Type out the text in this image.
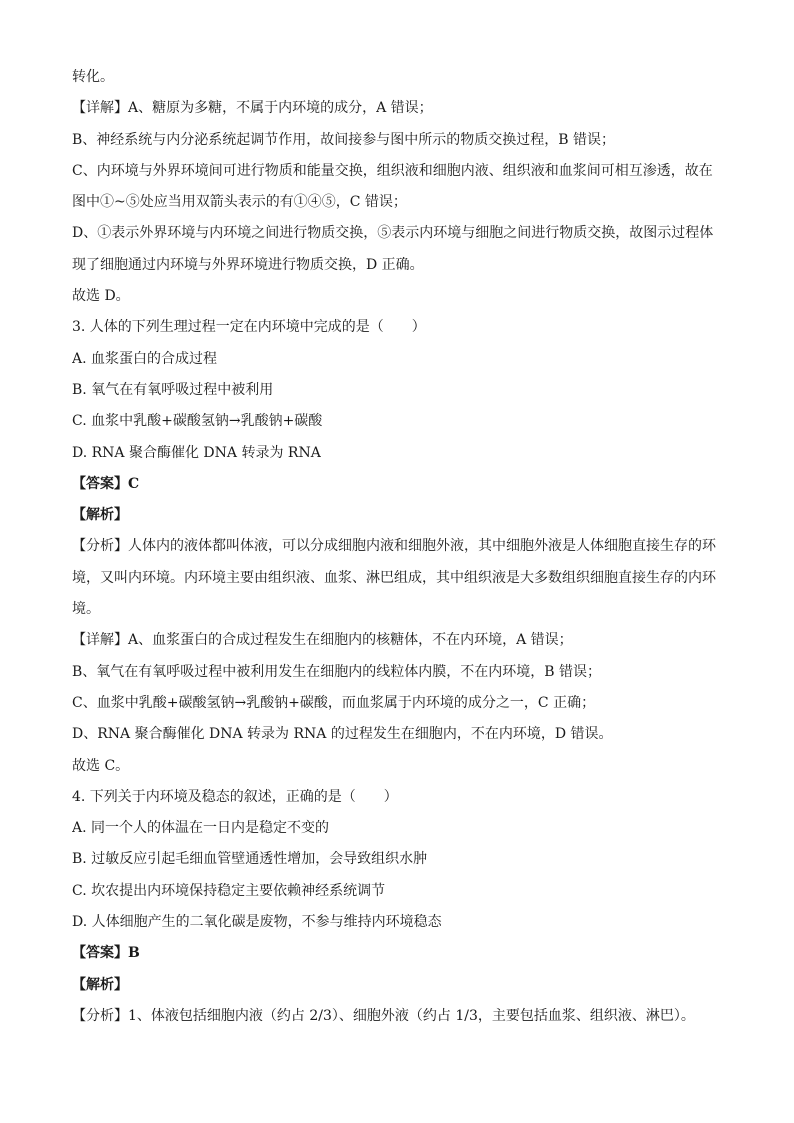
转化。
【详解】A、糖原为多糖，不属于内环境的成分，A 错误；
B、神经系统与内分泌系统起调节作用，故间接参与图中所示的物质交换过程，B 错误；
C、内环境与外界环境间可进行物质和能量交换，组织液和细胞内液、组织液和血浆间可相互渗透，故在
图中①~⑤处应当用双箭头表示的有①④⑤，C 错误；
D、①表示外界环境与内环境之间进行物质交换，⑤表示内环境与细胞之间进行物质交换，故图示过程体
现了细胞通过内环境与外界环境进行物质交换，D 正确。
故选 D。
3. 人体的下列生理过程一定在内环境中完成的是（　　）
A. 血浆蛋白的合成过程
B. 氧气在有氧呼吸过程中被利用
C. 血浆中乳酸+碳酸氢钠→乳酸钠+碳酸
D. RNA 聚合酶催化 DNA 转录为 RNA
【答案】C
【解析】
【分析】人体内的液体都叫体液，可以分成细胞内液和细胞外液，其中细胞外液是人体细胞直接生存的环
境，又叫内环境。内环境主要由组织液、血浆、淋巴组成，其中组织液是大多数组织细胞直接生存的内环
境。
【详解】A、血浆蛋白的合成过程发生在细胞内的核糖体，不在内环境，A 错误；
B、氧气在有氧呼吸过程中被利用发生在细胞内的线粒体内膜，不在内环境，B 错误；
C、血浆中乳酸+碳酸氢钠→乳酸钠+碳酸，而血浆属于内环境的成分之一，C 正确；
D、RNA 聚合酶催化 DNA 转录为 RNA 的过程发生在细胞内，不在内环境，D 错误。
故选 C。
4. 下列关于内环境及稳态的叙述，正确的是（　　）
A. 同一个人的体温在一日内是稳定不变的
B. 过敏反应引起毛细血管壁通透性增加，会导致组织水肿
C. 坎农提出内环境保持稳定主要依赖神经系统调节
D. 人体细胞产生的二氧化碳是废物，不参与维持内环境稳态
【答案】B
【解析】
【分析】1、体液包括细胞内液（约占 2/3）、细胞外液（约占 1/3，主要包括血浆、组织液、淋巴）。
